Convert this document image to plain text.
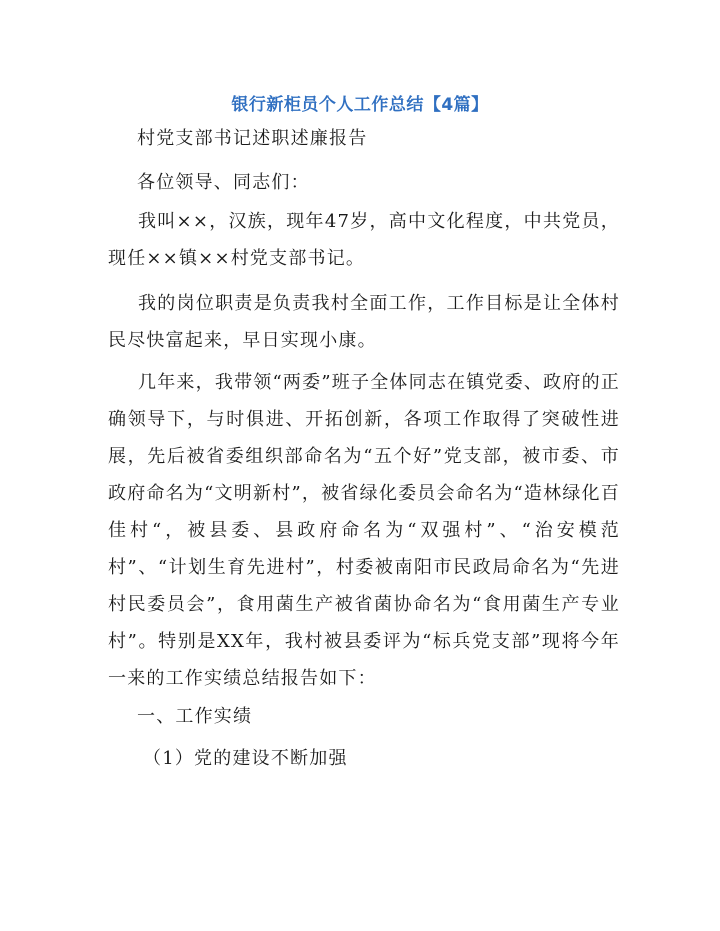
银行新柜员个人工作总结【4篇】

村党支部书记述职述廉报告

各位领导、同志们：

我叫××，汉族，现年47岁，高中文化程度，中共党员，现任××镇××村党支部书记。

我的岗位职责是负责我村全面工作，工作目标是让全体村民尽快富起来，早日实现小康。

几年来，我带领“两委”班子全体同志在镇党委、政府的正确领导下，与时俱进、开拓创新，各项工作取得了突破性进展，先后被省委组织部命名为“五个好”党支部，被市委、市政府命名为“文明新村”，被省绿化委员会命名为“造林绿化百佳村“，被县委、县政府命名为“双强村”、“治安模范村”、“计划生育先进村”，村委被南阳市民政局命名为“先进村民委员会”，食用菌生产被省菌协命名为“食用菌生产专业村”。特别是XX年，我村被县委评为“标兵党支部”现将今年一来的工作实绩总结报告如下：

一、工作实绩

（1）党的建设不断加强
